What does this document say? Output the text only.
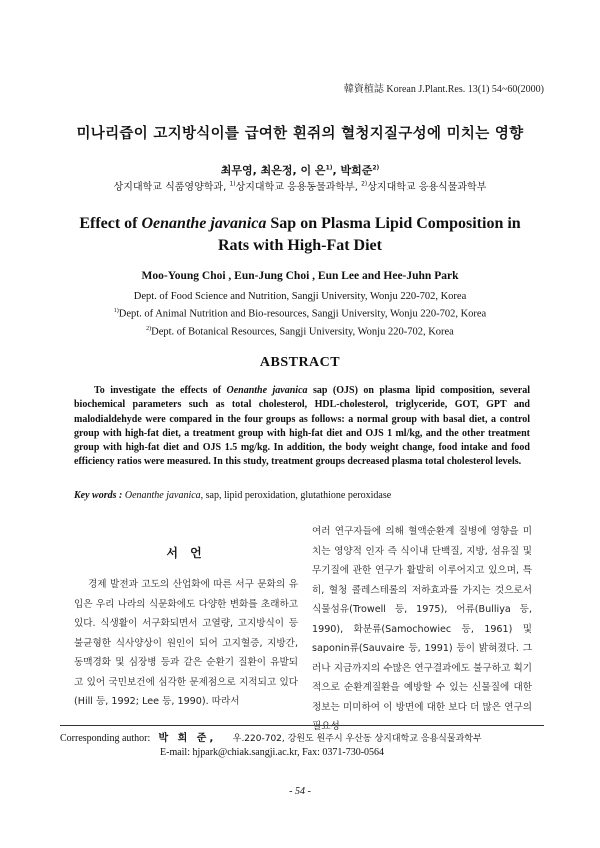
韓資植誌 Korean J.Plant.Res. 13(1) 54~60(2000)
미나리즙이 고지방식이를 급여한 흰쥐의 혈청지질구성에 미치는 영향
최무영, 최은정, 이 은$^{1)}$, 박희준$^{2)}$
상지대학교 식품영양학과, $^{1)}$상지대학교 응용동물과학부, $^{2)}$상지대학교 응용식물과학부
Effect of Oenanthe javanica Sap on Plasma Lipid Composition in
Rats with High-Fat Diet
Moo-Young Choi , Eun-Jung Choi , Eun Lee and Hee-Juhn Park
Dept. of Food Science and Nutrition, Sangji University, Wonju 220-702, Korea
$^{1)}$Dept. of Animal Nutrition and Bio-resources, Sangji University, Wonju 220-702, Korea
$^{2)}$Dept. of Botanical Resources, Sangji University, Wonju 220-702, Korea
ABSTRACT
To investigate the effects of Oenanthe javanica sap (OJS) on plasma lipid composition, several biochemical parameters such as total cholesterol, HDL-cholesterol, triglyceride, GOT, GPT and malodialdehyde were compared in the four groups as follows: a normal group with basal diet, a control group with high-fat diet, a treatment group with high-fat diet and OJS 1 ml/kg, and the other treatment group with high-fat diet and OJS 1.5 mg/kg. In addition, the body weight change, food intake and food efficiency ratios were measured. In this study, treatment groups decreased plasma total cholesterol levels.
Key words : Oenanthe javanica, sap, lipid peroxidation, glutathione peroxidase
여러 연구자들에 의해 혈액순환계 질병에 영향을 미치는 영양적 인자 즉 식이내 단백질, 지방, 섬유질 및 무기질에 관한 연구가 활발히 이루어지고 있으며, 특히, 혈청 콜레스테롤의 저하효과를 가지는 것으로서 식물섬유(Trowell 등, 1975), 어류(Bulliya 등, 1990), 화분류(Samochowiec 등, 1961) 및 saponin류(Sauvaire 등, 1991) 등이 밝혀졌다. 그러나 지금까지의 수많은 연구결과에도 불구하고 획기적으로 순환계질환을 예방할 수 있는 신물질에 대한 정보는 미미하여 이 방면에 대한 보다 더 많은 연구의 필요성
서 언
경제 발전과 고도의 산업화에 따른 서구 문화의 유입은 우리 나라의 식문화에도 다양한 변화를 초래하고 있다. 식생활이 서구화되면서 고열량, 고지방식이 등 불균형한 식사양상이 원인이 되어 고지혈증, 지방간, 동맥경화 및 심장병 등과 같은 순환기 질환이 유발되고 있어 국민보건에 심각한 문제점으로 지적되고 있다(Hill 등, 1992; Lee 등, 1990). 따라서
Corresponding author: 박 희 준, 우.220-702, 강원도 원주시 우산동 상지대학교 응용식물과학부
E-mail: hjpark@chiak.sangji.ac.kr, Fax: 0371-730-0564
- 54 -
